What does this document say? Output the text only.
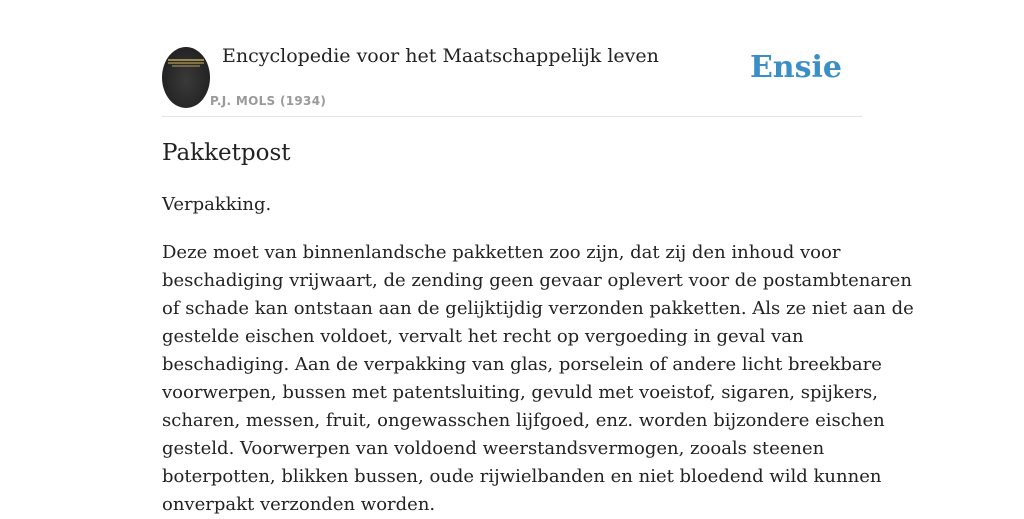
Encyclopedie voor het Maatschappelijk leven
P.J. MOLS (1934)
Ensie
Pakketpost

Verpakking.

Deze moet van binnenlandsche pakketten zoo zijn, dat zij den inhoud voor
beschadiging vrijwaart, de zending geen gevaar oplevert voor de postambtenaren
of schade kan ontstaan aan de gelijktijdig verzonden pakketten. Als ze niet aan de
gestelde eischen voldoet, vervalt het recht op vergoeding in geval van
beschadiging. Aan de verpakking van glas, porselein of andere licht breekbare
voorwerpen, bussen met patentsluiting, gevuld met voeistof, sigaren, spijkers,
scharen, messen, fruit, ongewasschen lijfgoed, enz. worden bijzondere eischen
gesteld. Voorwerpen van voldoend weerstandsvermogen, zooals steenen
boterpotten, blikken bussen, oude rijwielbanden en niet bloedend wild kunnen
onverpakt verzonden worden.
